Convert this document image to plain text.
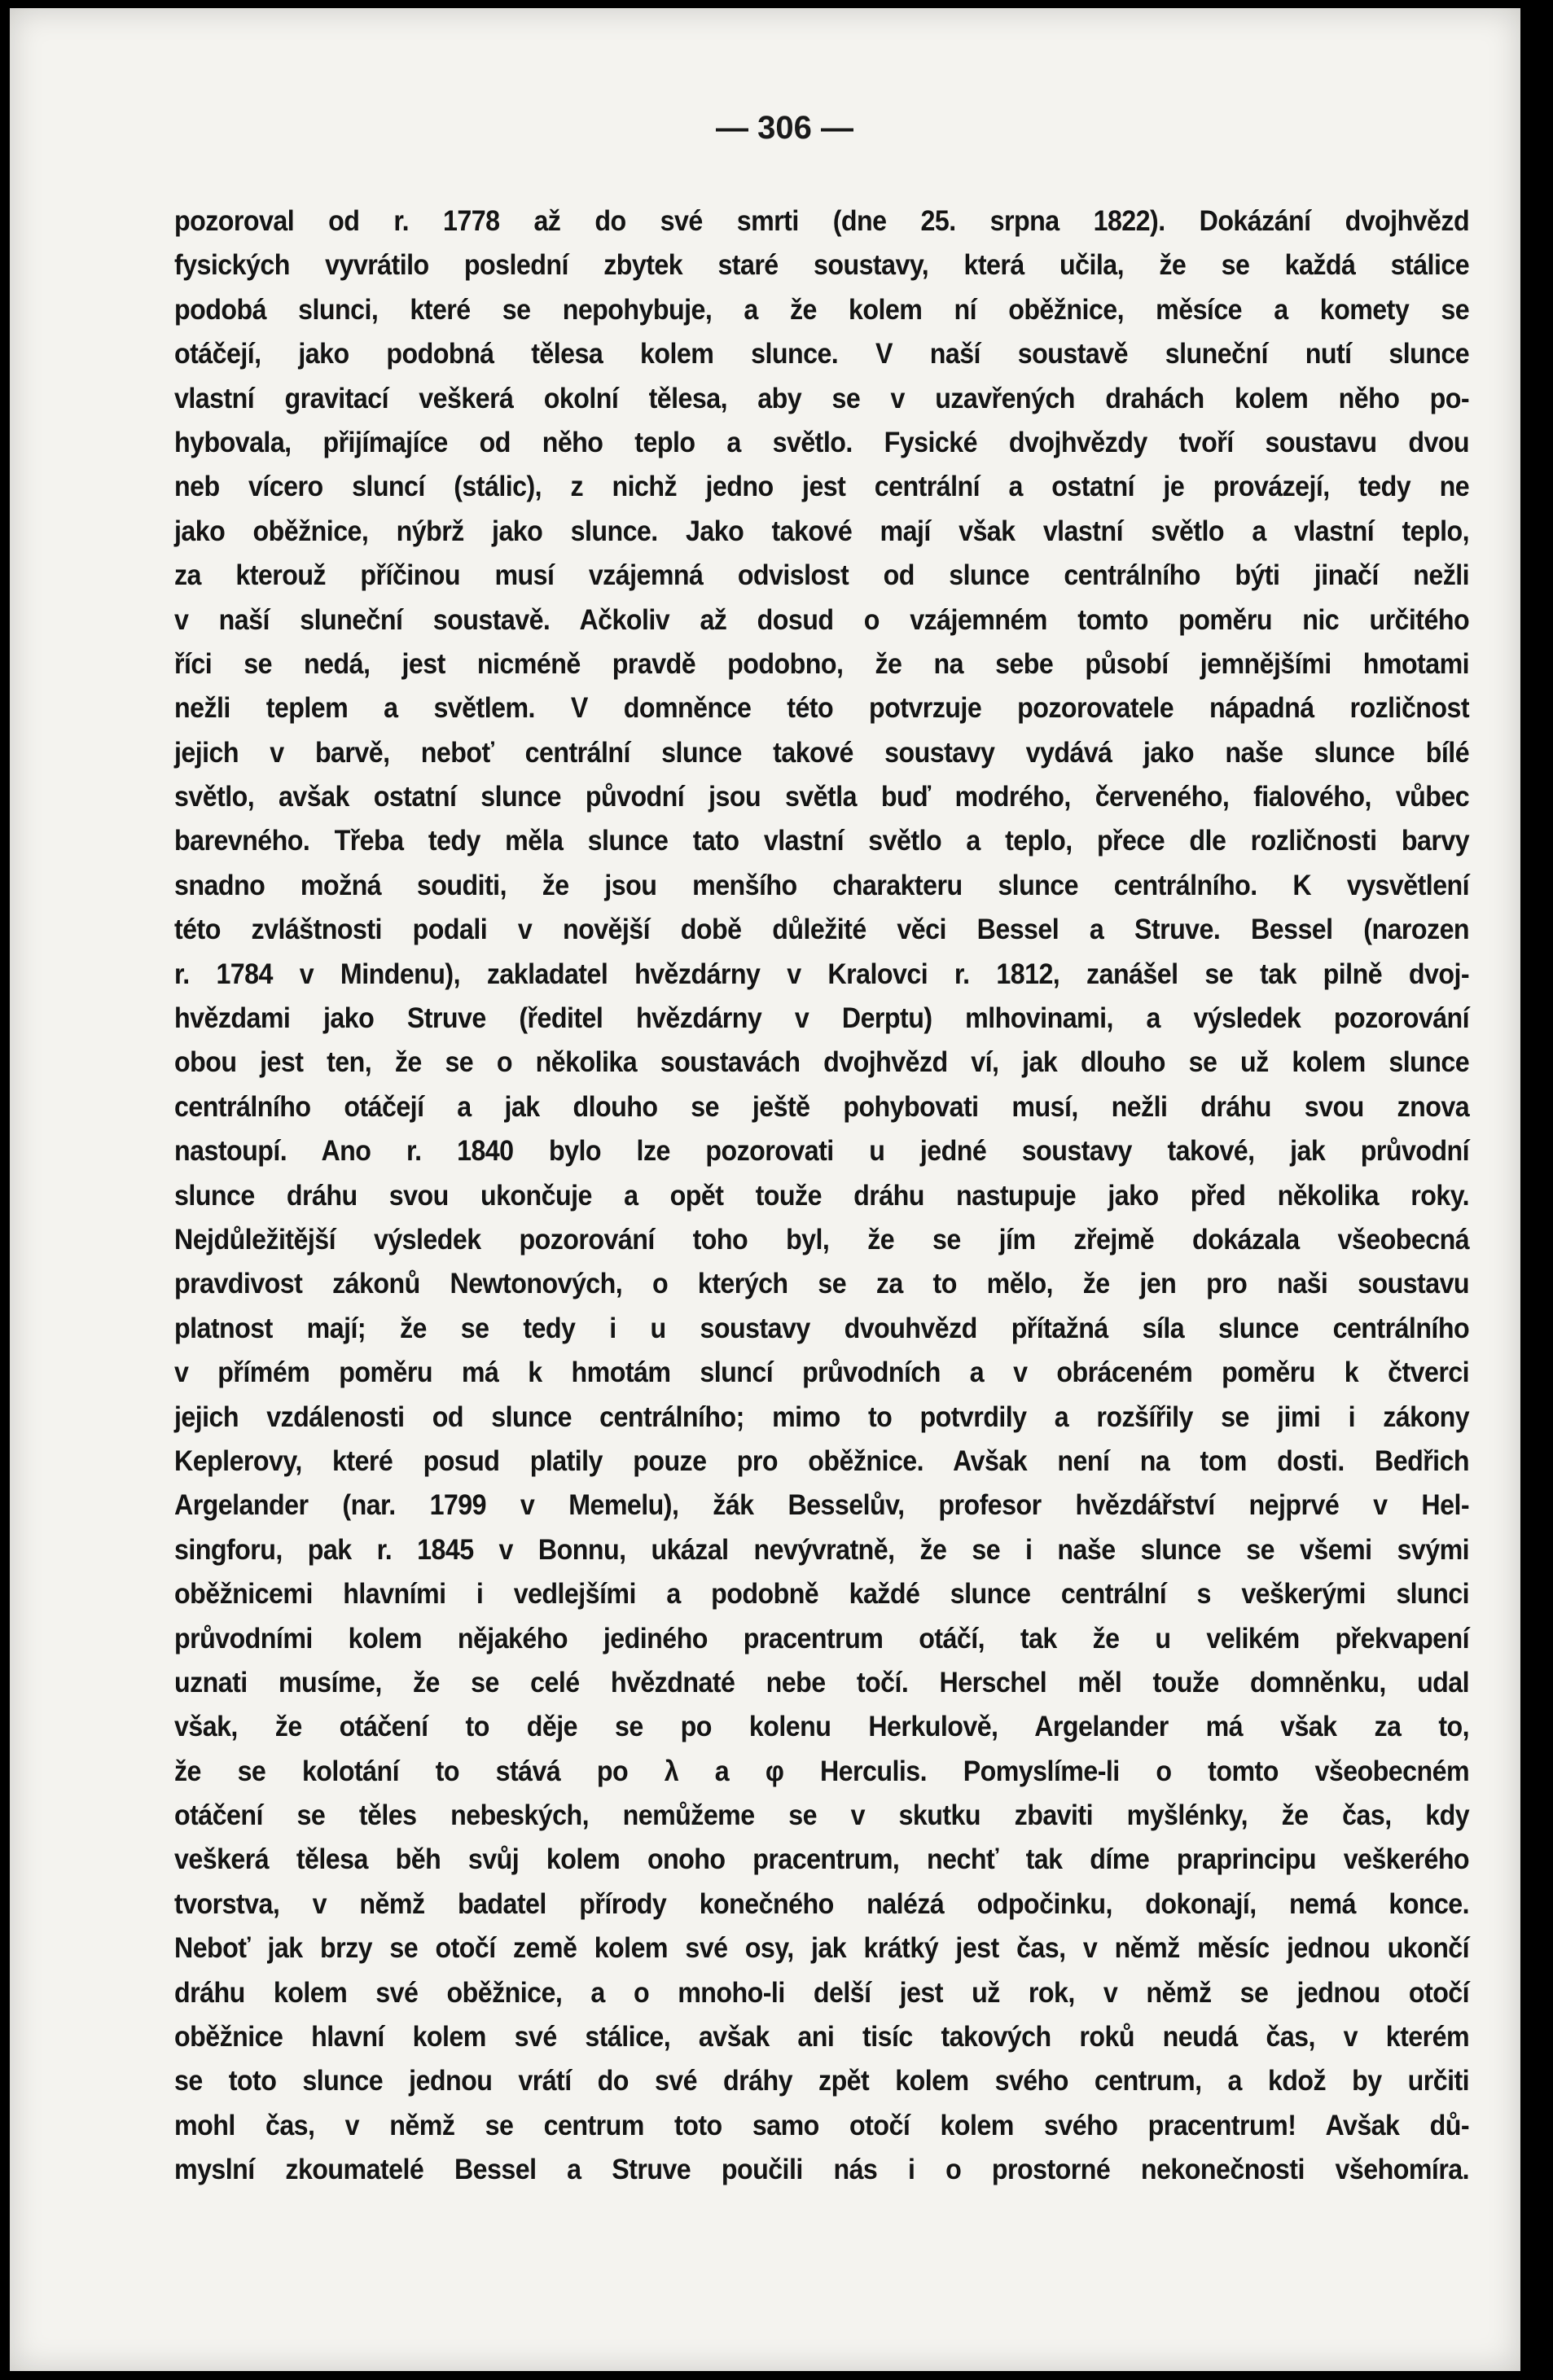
— 306 —
pozoroval od r. 1778 až do své smrti (dne 25. srpna 1822). Dokázání dvojhvězd
fysických vyvrátilo poslední zbytek staré soustavy, která učila, že se každá stálice
podobá slunci, které se nepohybuje, a že kolem ní oběžnice, měsíce a komety se
otáčejí, jako podobná tělesa kolem slunce. V naší soustavě sluneční nutí slunce
vlastní gravitací veškerá okolní tělesa, aby se v uzavřených drahách kolem něho po-
hybovala, přijímajíce od něho teplo a světlo. Fysické dvojhvězdy tvoří soustavu dvou
neb vícero sluncí (stálic), z nichž jedno jest centrální a ostatní je provázejí, tedy ne
jako oběžnice, nýbrž jako slunce. Jako takové mají však vlastní světlo a vlastní teplo,
za kterouž příčinou musí vzájemná odvislost od slunce centrálního býti jinačí nežli
v naší sluneční soustavě. Ačkoliv až dosud o vzájemném tomto poměru nic určitého
říci se nedá, jest nicméně pravdě podobno, že na sebe působí jemnějšími hmotami
nežli teplem a světlem. V domněnce této potvrzuje pozorovatele nápadná rozličnost
jejich v barvě, neboť centrální slunce takové soustavy vydává jako naše slunce bílé
světlo, avšak ostatní slunce původní jsou světla buď modrého, červeného, fialového, vůbec
barevného. Třeba tedy měla slunce tato vlastní světlo a teplo, přece dle rozličnosti barvy
snadno možná souditi, že jsou menšího charakteru slunce centrálního. K vysvětlení
této zvláštnosti podali v novější době důležité věci Bessel a Struve. Bessel (narozen
r. 1784 v Mindenu), zakladatel hvězdárny v Kralovci r. 1812, zanášel se tak pilně dvoj-
hvězdami jako Struve (ředitel hvězdárny v Derptu) mlhovinami, a výsledek pozorování
obou jest ten, že se o několika soustavách dvojhvězd ví, jak dlouho se už kolem slunce
centrálního otáčejí a jak dlouho se ještě pohybovati musí, nežli dráhu svou znova
nastoupí. Ano r. 1840 bylo lze pozorovati u jedné soustavy takové, jak průvodní
slunce dráhu svou ukončuje a opět touže dráhu nastupuje jako před několika roky.
Nejdůležitější výsledek pozorování toho byl, že se jím zřejmě dokázala všeobecná
pravdivost zákonů Newtonových, o kterých se za to mělo, že jen pro naši soustavu
platnost mají; že se tedy i u soustavy dvouhvězd přítažná síla slunce centrálního
v přímém poměru má k hmotám sluncí průvodních a v obráceném poměru k čtverci
jejich vzdálenosti od slunce centrálního; mimo to potvrdily a rozšířily se jimi i zákony
Keplerovy, které posud platily pouze pro oběžnice. Avšak není na tom dosti. Bedřich
Argelander (nar. 1799 v Memelu), žák Besselův, profesor hvězdářství nejprvé v Hel-
singforu, pak r. 1845 v Bonnu, ukázal nevývratně, že se i naše slunce se všemi svými
oběžnicemi hlavními i vedlejšími a podobně každé slunce centrální s veškerými slunci
průvodními kolem nějakého jediného pracentrum otáčí, tak že u velikém překvapení
uznati musíme, že se celé hvězdnaté nebe točí. Herschel měl touže domněnku, udal
však, že otáčení to děje se po kolenu Herkulově, Argelander má však za to,
že se kolotání to stává po λ a φ Herculis. Pomyslíme-li o tomto všeobecném
otáčení se těles nebeských, nemůžeme se v skutku zbaviti myšlénky, že čas, kdy
veškerá tělesa běh svůj kolem onoho pracentrum, nechť tak díme praprincipu veškerého
tvorstva, v němž badatel přírody konečného nalézá odpočinku, dokonají, nemá konce.
Neboť jak brzy se otočí země kolem své osy, jak krátký jest čas, v němž měsíc jednou ukončí
dráhu kolem své oběžnice, a o mnoho-li delší jest už rok, v němž se jednou otočí
oběžnice hlavní kolem své stálice, avšak ani tisíc takových roků neudá čas, v kterém
se toto slunce jednou vrátí do své dráhy zpět kolem svého centrum, a kdož by určiti
mohl čas, v němž se centrum toto samo otočí kolem svého pracentrum! Avšak dů-
myslní zkoumatelé Bessel a Struve poučili nás i o prostorné nekonečnosti všehomíra.
